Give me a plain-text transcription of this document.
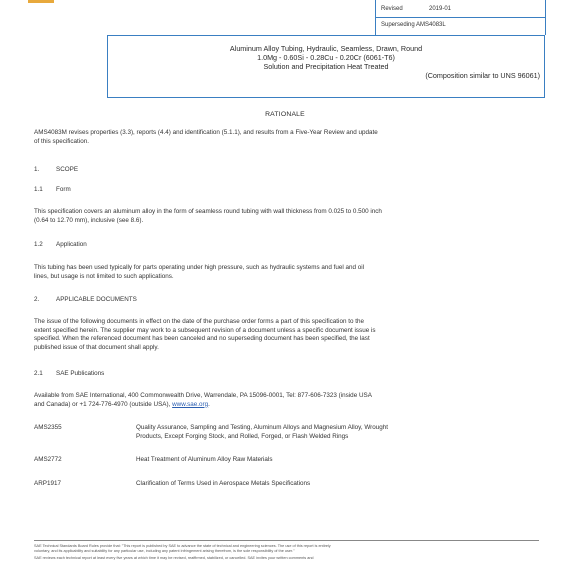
Revised	2019-01
Superseding AMS4083L
Aluminum Alloy Tubing, Hydraulic, Seamless, Drawn, Round
1.0Mg - 0.60Si - 0.28Cu - 0.20Cr (6061-T6)
Solution and Precipitation Heat Treated
(Composition similar to UNS 96061)
RATIONALE
AMS4083M revises properties (3.3), reports (4.4) and identification (5.1.1), and results from a Five-Year Review and update
of this specification.
1.	SCOPE
1.1 Form
This specification covers an aluminum alloy in the form of seamless round tubing with wall thickness from 0.025 to 0.500 inch
(0.64 to 12.70 mm), inclusive (see 8.6).
1.2 Application
This tubing has been used typically for parts operating under high pressure, such as hydraulic systems and fuel and oil
lines, but usage is not limited to such applications.
2.	APPLICABLE DOCUMENTS
The issue of the following documents in effect on the date of the purchase order forms a part of this specification to the
extent specified herein. The supplier may work to a subsequent revision of a document unless a specific document issue is
specified. When the referenced document has been canceled and no superseding document has been specified, the last
published issue of that document shall apply.
2.1 SAE Publications
Available from SAE International, 400 Commonwealth Drive, Warrendale, PA 15096-0001, Tel: 877-606-7323 (inside USA
and Canada) or +1 724-776-4970 (outside USA), www.sae.org.
AMS2355	Quality Assurance, Sampling and Testing, Aluminum Alloys and Magnesium Alloy, Wrought
Products, Except Forging Stock, and Rolled, Forged, or Flash Welded Rings
AMS2772	Heat Treatment of Aluminum Alloy Raw Materials
ARP1917	Clarification of Terms Used in Aerospace Metals Specifications
SAE Technical Standards Board Rules provide that: "This report is published by SAE to advance the state of technical and engineering sciences. The use of this report is entirely
voluntary, and its applicability and suitability for any particular use, including any patent infringement arising therefrom, is the sole responsibility of the user."
SAE reviews each technical report at least every five years at which time it may be revised, reaffirmed, stabilized, or cancelled. SAE invites your written comments and
